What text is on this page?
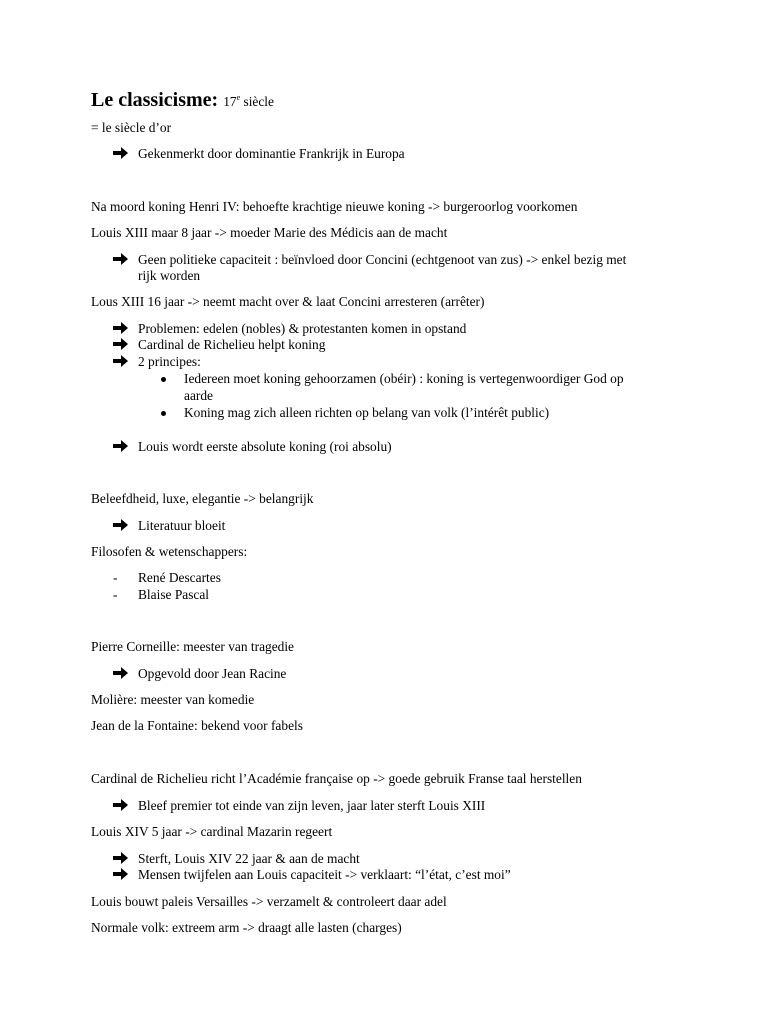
Le classicisme: 17e siècle
= le siècle d’or
Gekenmerkt door dominantie Frankrijk in Europa
Na moord koning Henri IV: behoefte krachtige nieuwe koning -> burgeroorlog voorkomen
Louis XIII maar 8 jaar -> moeder Marie des Médicis aan de macht
Geen politieke capaciteit : beïnvloed door Concini (echtgenoot van zus) -> enkel bezig met
rijk worden
Lous XIII 16 jaar -> neemt macht over & laat Concini arresteren (arrêter)
Problemen: edelen (nobles) & protestanten komen in opstand
Cardinal de Richelieu helpt koning
2 principes:
Iedereen moet koning gehoorzamen (obéir) : koning is vertegenwoordiger God op
aarde
Koning mag zich alleen richten op belang van volk (l’intérêt public)
Louis wordt eerste absolute koning (roi absolu)
Beleefdheid, luxe, elegantie -> belangrijk
Literatuur bloeit
Filosofen & wetenschappers:
- René Descartes
- Blaise Pascal
Pierre Corneille: meester van tragedie
Opgevold door Jean Racine
Molière: meester van komedie
Jean de la Fontaine: bekend voor fabels
Cardinal de Richelieu richt l’Académie française op -> goede gebruik Franse taal herstellen
Bleef premier tot einde van zijn leven, jaar later sterft Louis XIII
Louis XIV 5 jaar -> cardinal Mazarin regeert
Sterft, Louis XIV 22 jaar & aan de macht
Mensen twijfelen aan Louis capaciteit -> verklaart: “l’état, c’est moi”
Louis bouwt paleis Versailles -> verzamelt & controleert daar adel
Normale volk: extreem arm -> draagt alle lasten (charges)
